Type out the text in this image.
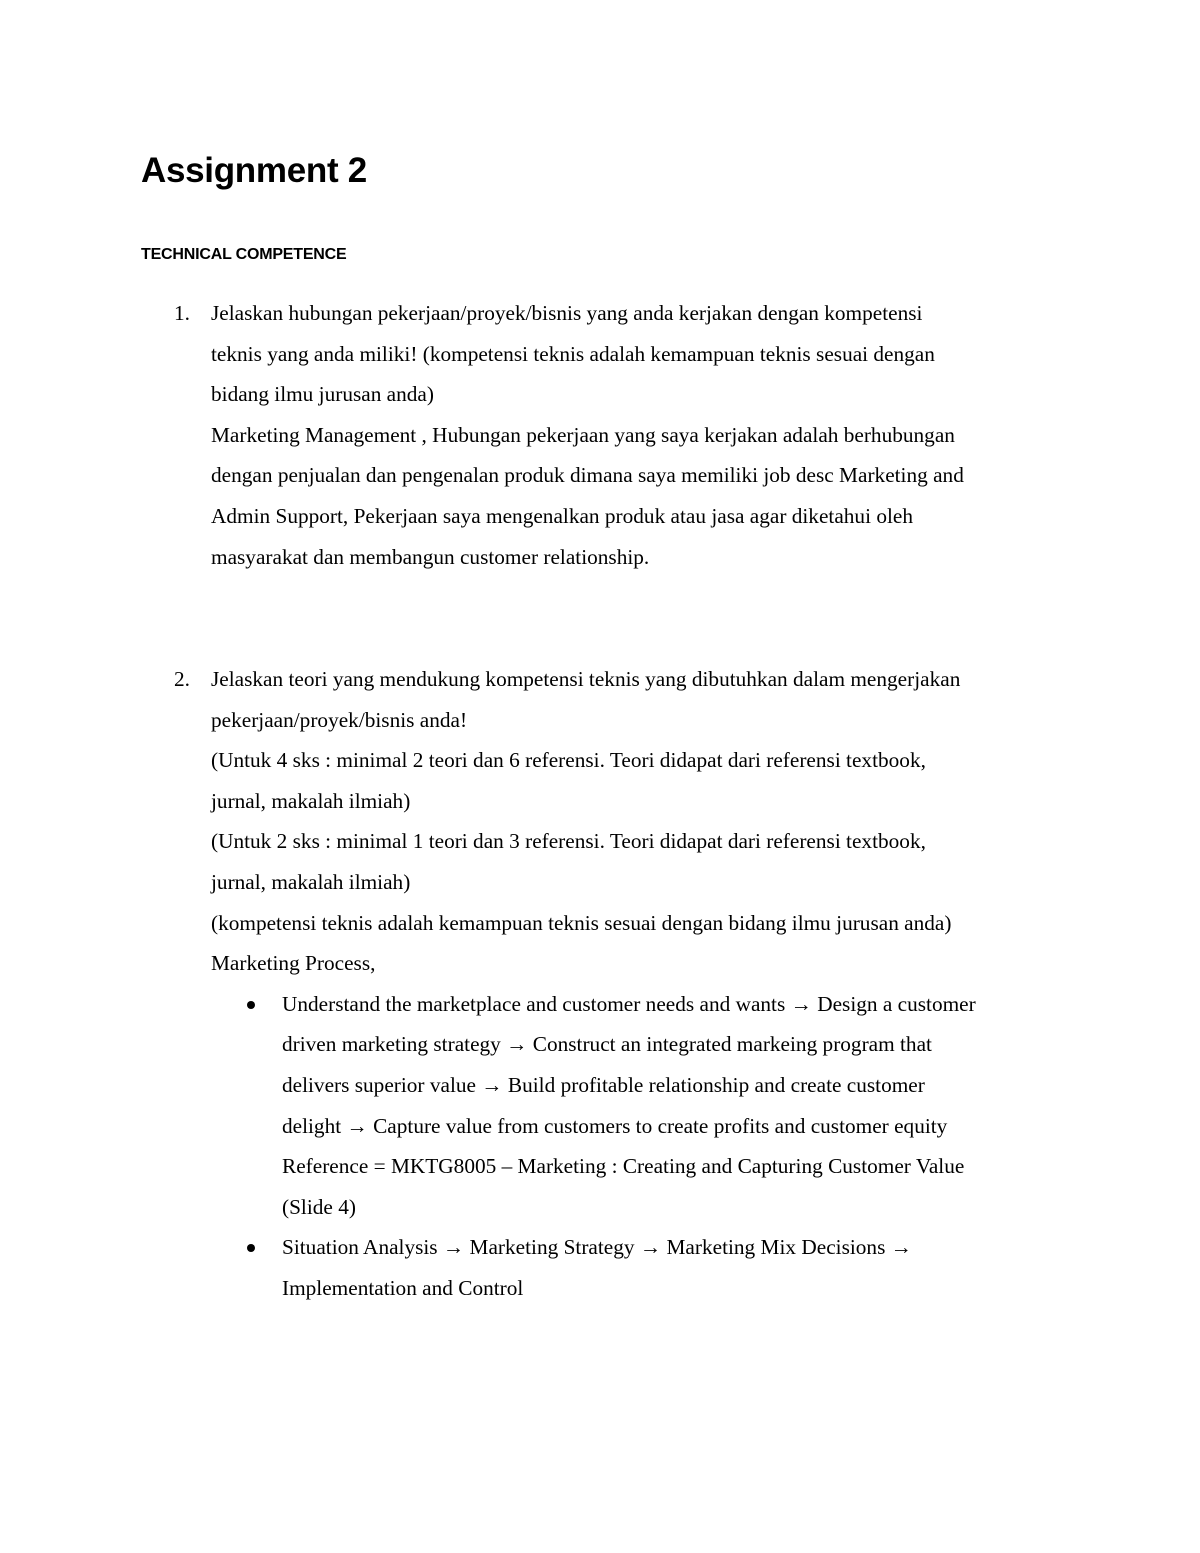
Assignment 2
TECHNICAL COMPETENCE
1. Jelaskan hubungan pekerjaan/proyek/bisnis yang anda kerjakan dengan kompetensi
teknis yang anda miliki! (kompetensi teknis adalah kemampuan teknis sesuai dengan
bidang ilmu jurusan anda)
Marketing Management , Hubungan pekerjaan yang saya kerjakan adalah berhubungan
dengan penjualan dan pengenalan produk dimana saya memiliki job desc Marketing and
Admin Support, Pekerjaan saya mengenalkan produk atau jasa agar diketahui oleh
masyarakat dan membangun customer relationship.
2. Jelaskan teori yang mendukung kompetensi teknis yang dibutuhkan dalam mengerjakan
pekerjaan/proyek/bisnis anda!
(Untuk 4 sks : minimal 2 teori dan 6 referensi. Teori didapat dari referensi textbook,
jurnal, makalah ilmiah)
(Untuk 2 sks : minimal 1 teori dan 3 referensi. Teori didapat dari referensi textbook,
jurnal, makalah ilmiah)
(kompetensi teknis adalah kemampuan teknis sesuai dengan bidang ilmu jurusan anda)
Marketing Process,
Understand the marketplace and customer needs and wants → Design a customer
driven marketing strategy → Construct an integrated markeing program that
delivers superior value → Build profitable relationship and create customer
delight → Capture value from customers to create profits and customer equity
Reference = MKTG8005 – Marketing : Creating and Capturing Customer Value
(Slide 4)
Situation Analysis → Marketing Strategy → Marketing Mix Decisions →
Implementation and Control
